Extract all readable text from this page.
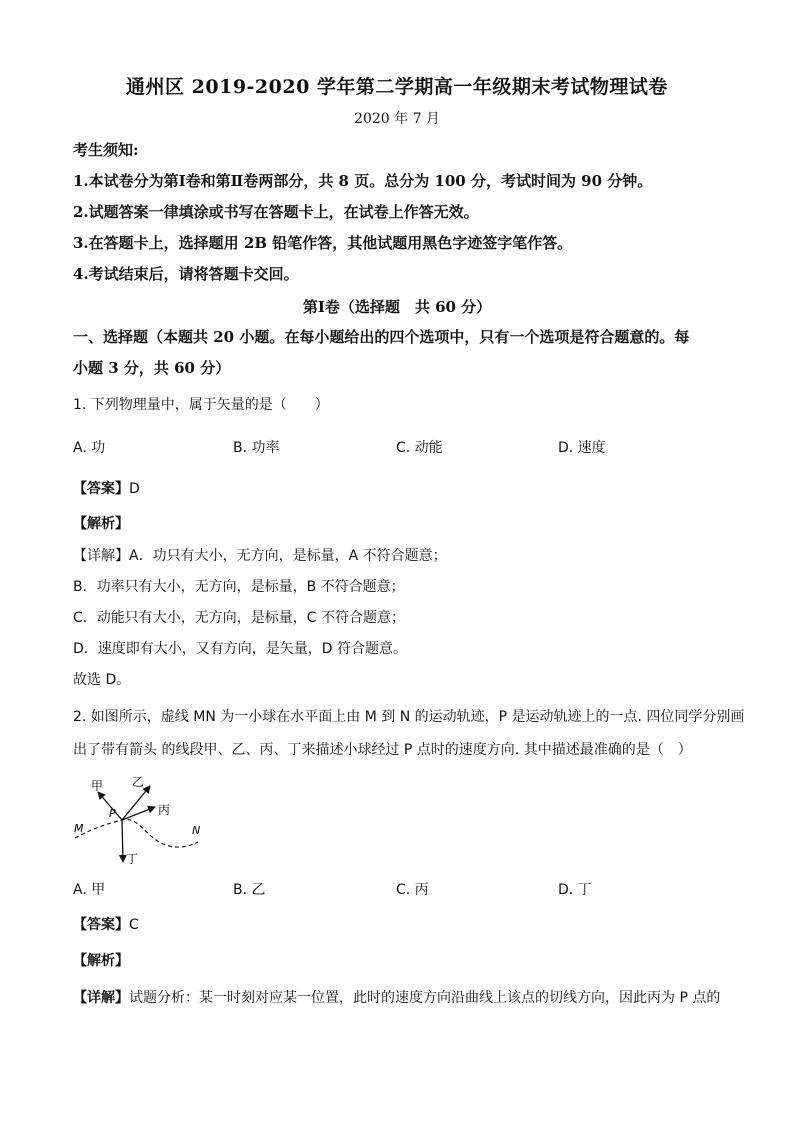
通州区 2019-2020 学年第二学期高一年级期末考试物理试卷
2020 年 7 月
考生须知:
1.本试卷分为第Ⅰ卷和第Ⅱ卷两部分，共 8 页。总分为 100 分，考试时间为 90 分钟。
2.试题答案一律填涂或书写在答题卡上，在试卷上作答无效。
3.在答题卡上，选择题用 2B 铅笔作答，其他试题用黑色字迹签字笔作答。
4.考试结束后，请将答题卡交回。
第Ⅰ卷（选择题　共 60 分）
一、选择题（本题共 20 小题。在每小题给出的四个选项中，只有一个选项是符合题意的。每
小题 3 分，共 60 分）
1. 下列物理量中，属于矢量的是（　　）
A. 功	B. 功率	C. 动能	D. 速度
【答案】D
【解析】
【详解】A．功只有大小，无方向，是标量，A 不符合题意；
B．功率只有大小，无方向，是标量，B 不符合题意；
C．动能只有大小，无方向，是标量，C 不符合题意；
D．速度即有大小，又有方向，是矢量，D 符合题意。
故选 D。
2. 如图所示，虚线 MN 为一小球在水平面上由 M 到 N 的运动轨迹，P 是运动轨迹上的一点. 四位同学分别画
出了带有箭头 的线段甲、乙、丙、丁来描述小球经过 P 点时的速度方向. 其中描述最准确的是（　）
甲 乙
丙
丁
P
M	N
A. 甲	B. 乙	C. 丙	D. 丁
【答案】C
【解析】
【详解】试题分析：某一时刻对应某一位置，此时的速度方向沿曲线上该点的切线方向，因此丙为 P 点的
